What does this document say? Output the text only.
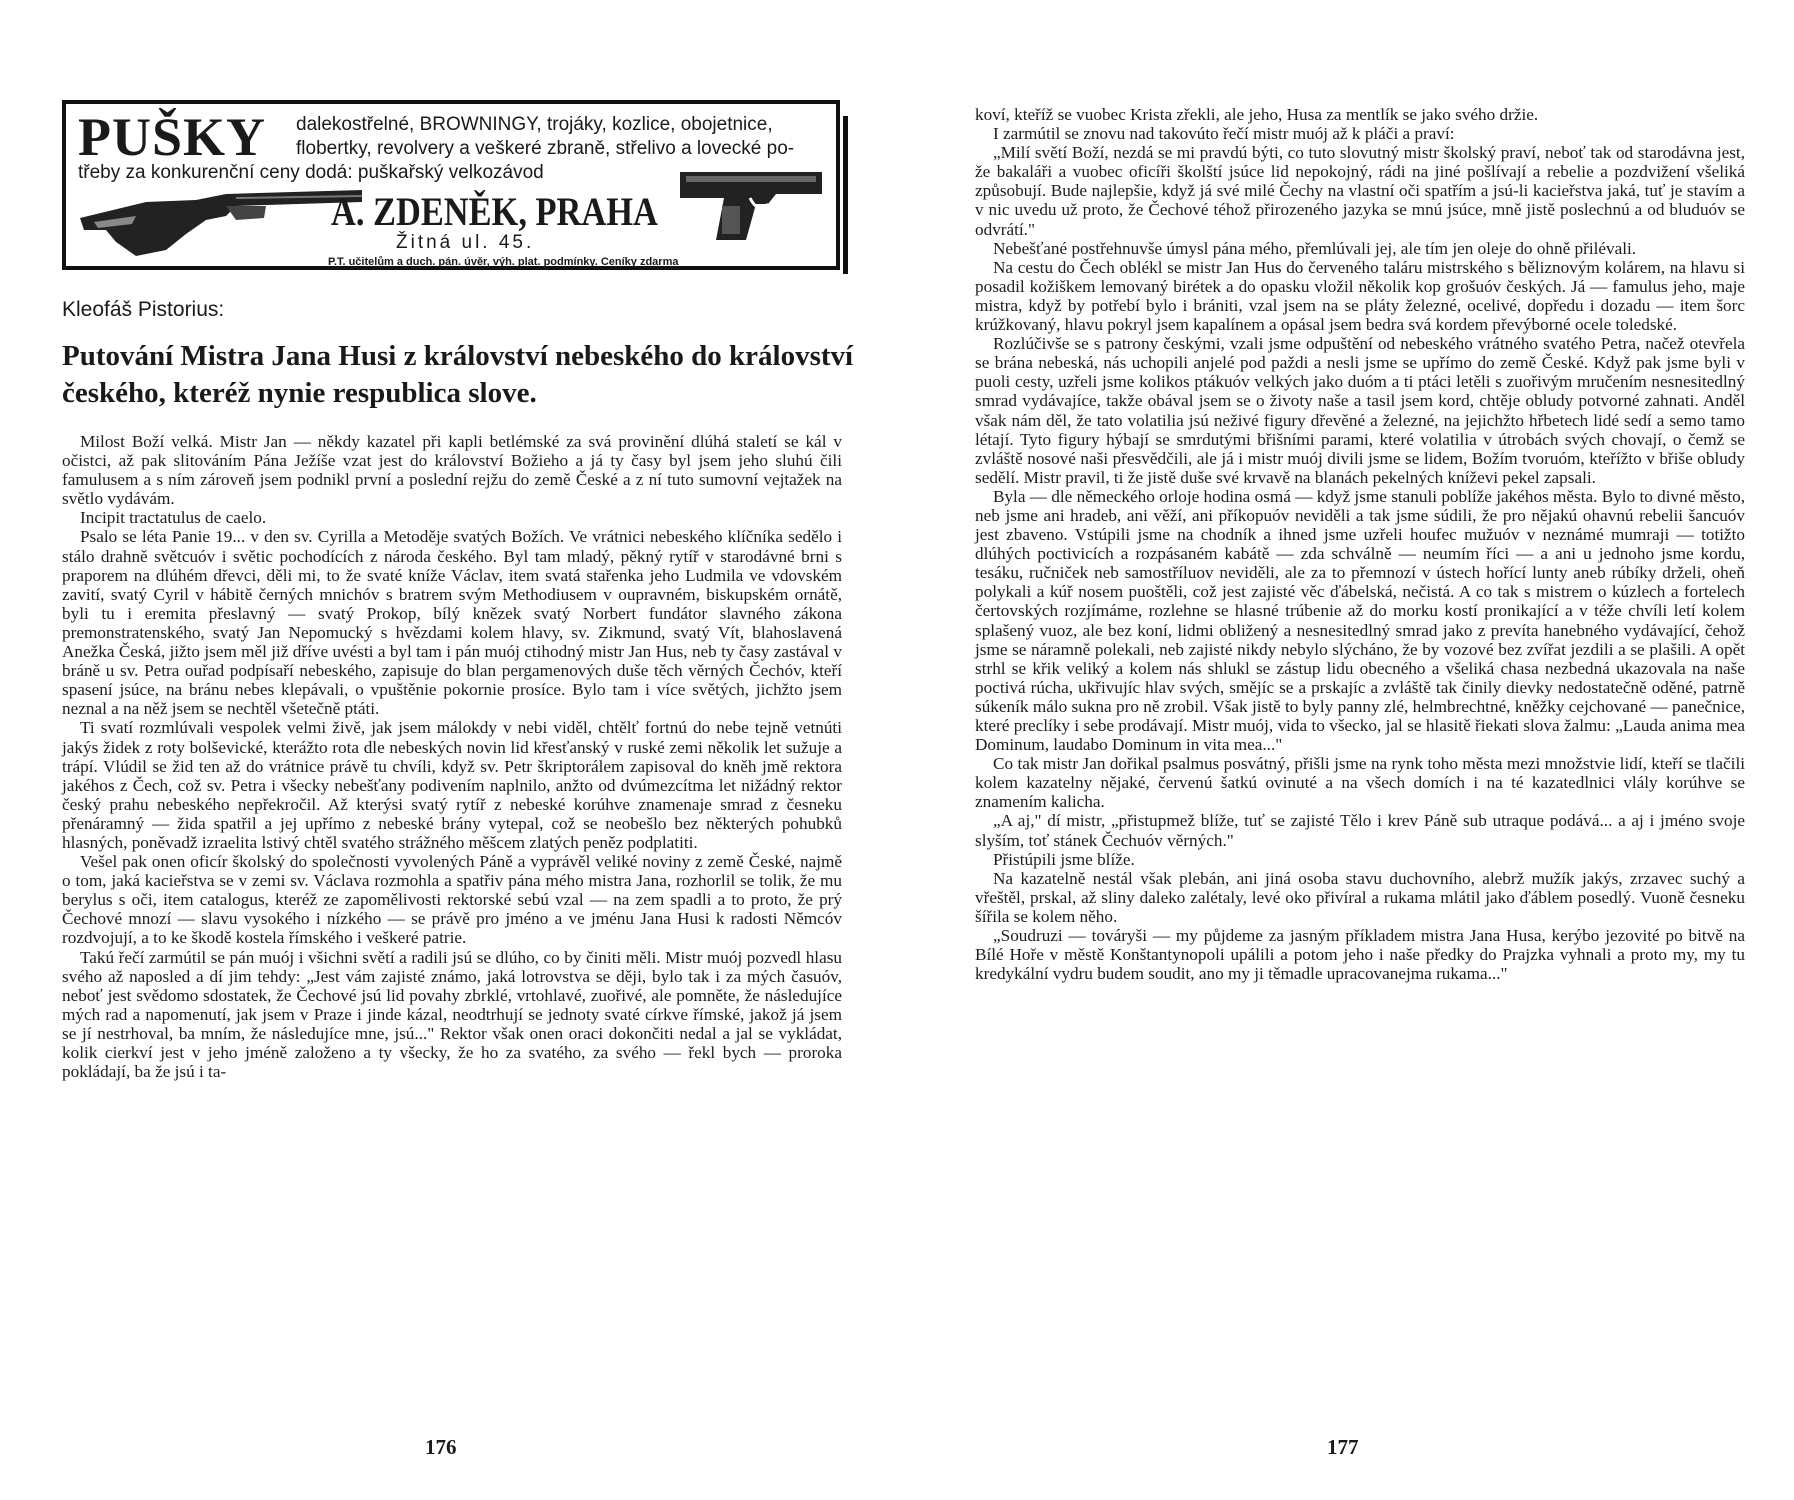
PUŠKY dalekostřelné, BROWNINGY, trojáky, kozlice, obojetnice,
flobertky, revolvery a veškeré zbraně, střelivo a lovecké po-
třeby za konkurenční ceny dodá: puškařský velkozávod
A. ZDENĚK, PRAHA
Žitná ul. 45.
P.T. učitelům a duch. pán. úvěr, výh. plat. podmínky. Ceníky zdarma
Kleofáš Pistorius:
Putování Mistra Jana Husi z království nebeského do království českého, kteréž nynie respublica slove.

Milost Boží velká. Mistr Jan — někdy kazatel při kapli betlémské za svá provinění dlúhá staletí se kál v očistci, až pak slitováním Pána Ježíše vzat jest do království Božieho a já ty časy byl jsem jeho sluhú čili famulusem a s ním zároveň jsem podnikl první a poslední rejžu do země České a z ní tuto sumovní vejtažek na světlo vydávám.

Incipit tractatulus de caelo.

Psalo se léta Panie 19... v den sv. Cyrilla a Metoděje svatých Božích. Ve vrátnici nebeského klíčníka sedělo i stálo drahně světcuóv i světic pochodících z národa českého. Byl tam mladý, pěkný rytíř v starodávné brni s praporem na dlúhém dřevci, děli mi, to že svaté kníže Václav, item svatá stařenka jeho Ludmila ve vdovském zavití, svatý Cyril v hábitě černých mnichóv s bratrem svým Methodiusem v oupravném, biskupském ornátě, byli tu i eremita přeslavný — svatý Prokop, bílý knězek svatý Norbert fundátor slavného zákona premonstratenského, svatý Jan Nepomucký s hvězdami kolem hlavy, sv. Zikmund, svatý Vít, blahoslavená Anežka Česká, jižto jsem měl již dříve uvésti a byl tam i pán muój ctihodný mistr Jan Hus, neb ty časy zastával v bráně u sv. Petra ouřad podpísaří nebeského, zapisuje do blan pergamenových duše těch věrných Čechóv, kteří spasení jsúce, na bránu nebes klepávali, o vpuštěnie pokornie prosíce. Bylo tam i více světých, jichžto jsem neznal a na něž jsem se nechtěl všetečně ptáti.

Ti svatí rozmlúvali vespolek velmi živě, jak jsem málokdy v nebi viděl, chtělť fortnú do nebe tejně vetnúti jakýs židek z roty bolševické, kterážto rota dle nebeských novin lid křesťanský v ruské zemi několik let sužuje a trápí. Vlúdil se žid ten až do vrátnice právě tu chvíli, když sv. Petr škriptorálem zapisoval do kněh jmě rektora jakéhos z Čech, což sv. Petra i všecky nebešťany podivením naplnilo, anžto od dvúmezcítma let nižádný rektor český prahu nebeského nepřekročil. Až kterýsi svatý rytíř z nebeské korúhve znamenaje smrad z česneku přenáramný — žida spatřil a jej upřímo z nebeské brány vytepal, což se neobešlo bez některých pohubků hlasných, poněvadž izraelita lstivý chtěl svatého strážného měšcem zlatých peněz podplatiti.

Vešel pak onen oficír školský do společnosti vyvolených Páně a vyprávěl veliké noviny z země České, najmě o tom, jaká kacieřstva se v zemi sv. Václava rozmohla a spatřiv pána mého mistra Jana, rozhorlil se tolik, že mu berylus s oči, item catalogus, kteréž ze zapomělivosti rektorské sebú vzal — na zem spadli a to proto, že prý Čechové mnozí — slavu vysokého i nízkého — se právě pro jméno a ve jménu Jana Husi k radosti Němcóv rozdvojují, a to ke škodě kostela římského i veškeré patrie.

Takú řečí zarmútil se pán muój i všichni světí a radili jsú se dlúho, co by činiti měli. Mistr muój pozvedl hlasu svého až naposled a dí jim tehdy: „Jest vám zajisté známo, jaká lotrovstva se ději, bylo tak i za mých časuóv, neboť jest svědomo sdostatek, že Čechové jsú lid povahy zbrklé, vrtohlavé, zuořivé, ale pomněte, že následujíce mých rad a napomenutí, jak jsem v Praze i jinde kázal, neodtrhují se jednoty svaté církve římské, jakož já jsem se jí nestrhoval, ba mním, že následujíce mne, jsú..." Rektor však onen oraci dokončiti nedal a jal se vykládat, kolik cierkví jest v jeho jméně založeno a ty všecky, že ho za svatého, za svého — řekl bych — proroka pokládají, ba že jsú i ta-

176

koví, kteříž se vuobec Krista zřekli, ale jeho, Husa za mentlík se jako svého držie.

I zarmútil se znovu nad takovúto řečí mistr muój až k pláči a praví:

„Milí světí Boží, nezdá se mi pravdú býti, co tuto slovutný mistr školský praví, neboť tak od starodávna jest, že bakaláři a vuobec oficíři školští jsúce lid nepokojný, rádi na jiné pošlívají a rebelie a pozdvižení všeliká způsobují. Bude najlepšie, když já své milé Čechy na vlastní oči spatřím a jsú-li kacieřstva jaká, tuť je stavím a v nic uvedu už proto, že Čechové téhož přirozeného jazyka se mnú jsúce, mně jistě poslechnú a od bluduóv se odvrátí."

Nebešťané postřehnuvše úmysl pána mého, přemlúvali jej, ale tím jen oleje do ohně přilévali.

Na cestu do Čech oblékl se mistr Jan Hus do červeného taláru mistrského s běliznovým kolárem, na hlavu si posadil kožiškem lemovaný birétek a do opasku vložil několik kop grošuóv českých. Já — famulus jeho, maje mistra, když by potřebí bylo i brániti, vzal jsem na se pláty železné, ocelivé, dopředu i dozadu — item šorc krúžkovaný, hlavu pokryl jsem kapalínem a opásal jsem bedra svá kordem převýborné ocele toledské.

Rozlúčivše se s patrony českými, vzali jsme odpuštění od nebeského vrátného svatého Petra, načež otevřela se brána nebeská, nás uchopili anjelé pod paždi a nesli jsme se upřímo do země České. Když pak jsme byli v puoli cesty, uzřeli jsme kolikos ptákuóv velkých jako duóm a ti ptáci letěli s zuořivým mručením nesnesitedlný smrad vydávajíce, takže obával jsem se o životy naše a tasil jsem kord, chtěje obludy potvorné zahnati. Anděl však nám děl, že tato volatilia jsú neživé figury dřevěné a železné, na jejichžto hřbetech lidé sedí a semo tamo létají. Tyto figury hýbají se smrdutými břišními parami, které volatilia v útrobách svých chovají, o čemž se zvláště nosové naši přesvědčili, ale já i mistr muój divili jsme se lidem, Božím tvoruóm, kteřížto v břiše obludy sedělí. Mistr pravil, ti že jistě duše své krvavě na blanách pekelných kníževi pekel zapsali.

Byla — dle německého orloje hodina osmá — když jsme stanuli poblíže jakéhos města. Bylo to divné město, neb jsme ani hradeb, ani věží, ani příkopuóv neviděli a tak jsme súdili, že pro nějakú ohavnú rebelii šancuóv jest zbaveno. Vstúpili jsme na chodník a ihned jsme uzřeli houfec mužuóv v neznámé mumraji — totižto dlúhých poctivicích a rozpásaném kabátě — zda schválně — neumím říci — a ani u jednoho jsme kordu, tesáku, ručniček neb samostříluov neviděli, ale za to přemnozí v ústech hořící lunty aneb rúbíky drželi, oheň polykali a kúř nosem puoštěli, což jest zajisté věc ďábelská, nečistá. A co tak s mistrem o kúzlech a fortelech čertovských rozjímáme, rozlehne se hlasné trúbenie až do morku kostí pronikající a v téže chvíli letí kolem splašený vuoz, ale bez koní, lidmi obližený a nesnesitedlný smrad jako z prevíta hanebného vydávající, čehož jsme se náramně polekali, neb zajisté nikdy nebylo slýcháno, že by vozové bez zvířat jezdili a se plašili. A opět strhl se křik veliký a kolem nás shlukl se zástup lidu obecného a všeliká chasa nezbedná ukazovala na naše poctivá rúcha, ukřivujíc hlav svých, smějíc se a prskajíc a zvláště tak činily dievky nedostatečně oděné, patrně súkeník málo sukna pro ně zrobil. Však jistě to byly panny zlé, helmbrechtné, kněžky cejchované — panečnice, které preclíky i sebe prodávají. Mistr muój, vida to všecko, jal se hlasitě řiekati slova žalmu: „Lauda anima mea Dominum, laudabo Dominum in vita mea..."

Co tak mistr Jan dořikal psalmus posvátný, přišli jsme na rynk toho města mezi množstvie lidí, kteří se tlačili kolem kazatelny nějaké, červenú šatkú ovinuté a na všech domích i na té kazatedlnici vlály korúhve se znamením kalicha.

„A aj," dí mistr, „přistupmež blíže, tuť se zajisté Tělo i krev Páně sub utraque podává... a aj i jméno svoje slyším, toť stánek Čechuóv věrných."

Přistúpili jsme blíže.

Na kazatelně nestál však plebán, ani jiná osoba stavu duchovního, alebrž mužík jakýs, zrzavec suchý a vřeštěl, prskal, až sliny daleko zalétaly, levé oko přivíral a rukama mlátil jako ďáblem posedlý. Vuoně česneku šířila se kolem něho.

„Soudruzi — továryši — my půjdeme za jasným příkladem mistra Jana Husa, kerýbo jezovité po bitvě na Bílé Hoře v městě Konštantynopoli upálili a potom jeho i naše předky do Prajzka vyhnali a proto my, my tu kredykální vydru budem soudit, ano my ji těmadle upracovanejma rukama..."

177
